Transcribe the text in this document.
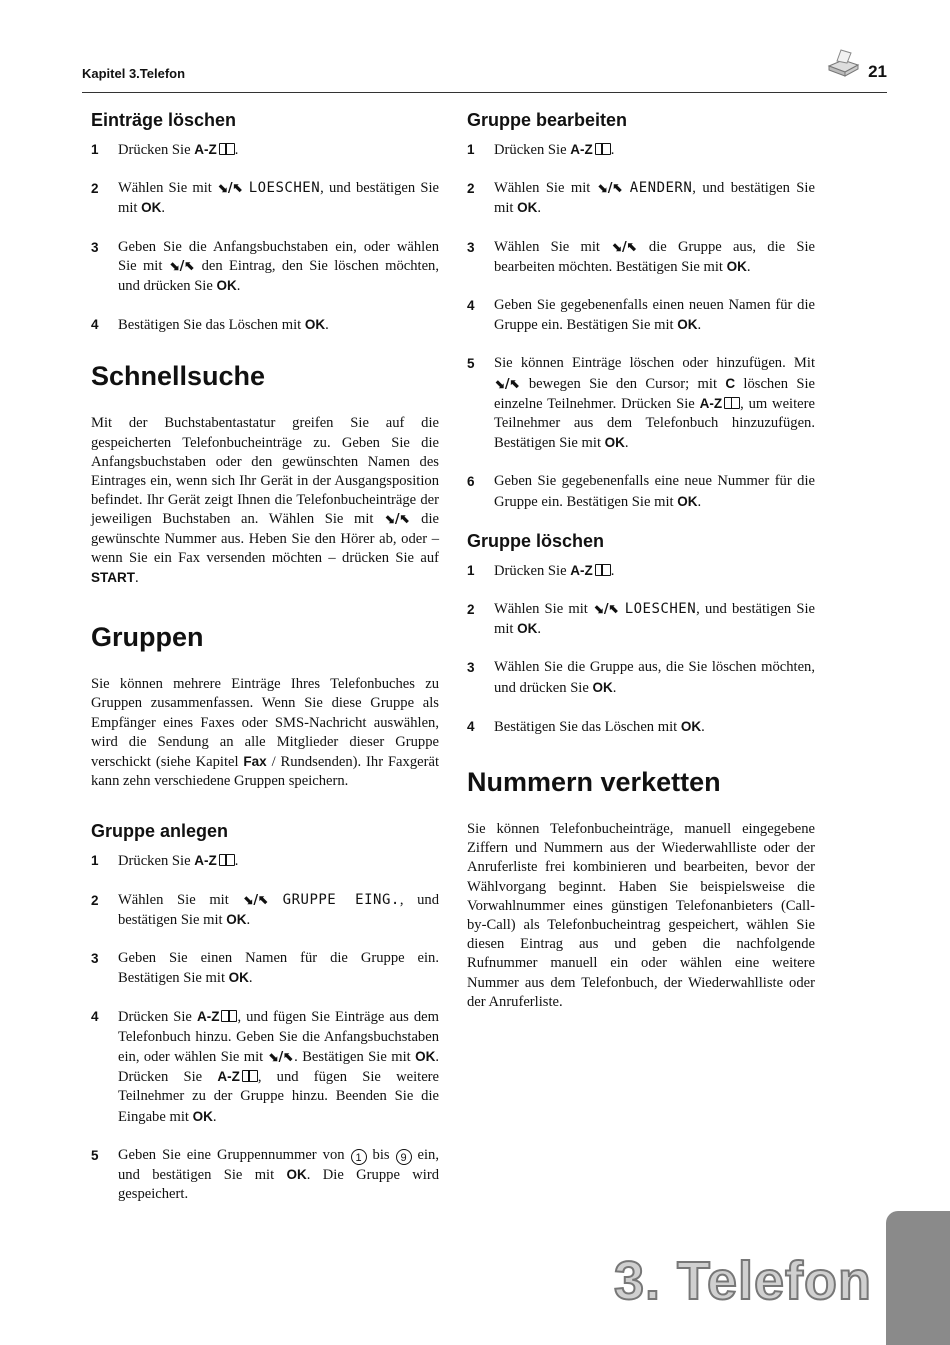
Kapitel 3.Telefon	21
Einträge löschen
1 Drücken Sie A-Z .
2 Wählen Sie mit ⬊/⬉ LOESCHEN, und bestätigen Sie mit OK.
3 Geben Sie die Anfangsbuchstaben ein, oder wählen Sie mit ⬊/⬉ den Eintrag, den Sie löschen möchten, und drücken Sie OK.
4 Bestätigen Sie das Löschen mit OK.
Schnellsuche

Mit der Buchstabentastatur greifen Sie auf die gespeicherten Telefonbucheinträge zu. Geben Sie die Anfangsbuchstaben oder den gewünschten Namen des Eintrages ein, wenn sich Ihr Gerät in der Ausgangsposition befindet. Ihr Gerät zeigt Ihnen die Telefonbucheinträge der jeweiligen Buchstaben an. Wählen Sie mit ⬊/⬉ die gewünschte Nummer aus. Heben Sie den Hörer ab, oder – wenn Sie ein Fax versenden möchten – drücken Sie auf START.

Gruppen

Sie können mehrere Einträge Ihres Telefonbuches zu Gruppen zusammenfassen. Wenn Sie diese Gruppe als Empfänger eines Faxes oder SMS-Nachricht auswählen, wird die Sendung an alle Mitglieder dieser Gruppe verschickt (siehe Kapitel Fax / Rundsenden). Ihr Faxgerät kann zehn verschiedene Gruppen speichern.

Gruppe anlegen
1 Drücken Sie A-Z .
2 Wählen Sie mit ⬊/⬉ GRUPPE EING., und bestätigen Sie mit OK.
3 Geben Sie einen Namen für die Gruppe ein. Bestätigen Sie mit OK.
4 Drücken Sie A-Z , und fügen Sie Einträge aus dem Telefonbuch hinzu. Geben Sie die Anfangsbuchstaben ein, oder wählen Sie mit ⬊/⬉. Bestätigen Sie mit OK. Drücken Sie A-Z , und fügen Sie weitere Teilnehmer zu der Gruppe hinzu. Beenden Sie die Eingabe mit OK.
5 Geben Sie eine Gruppennummer von 1 bis 9 ein, und bestätigen Sie mit OK. Die Gruppe wird gespeichert.
Gruppe bearbeiten
1 Drücken Sie A-Z .
2 Wählen Sie mit ⬊/⬉ AENDERN, und bestätigen Sie mit OK.
3 Wählen Sie mit ⬊/⬉ die Gruppe aus, die Sie bearbeiten möchten. Bestätigen Sie mit OK.
4 Geben Sie gegebenenfalls einen neuen Namen für die Gruppe ein. Bestätigen Sie mit OK.
5 Sie können Einträge löschen oder hinzufügen. Mit ⬊/⬉ bewegen Sie den Cursor; mit C löschen Sie einzelne Teilnehmer. Drücken Sie A-Z , um weitere Teilnehmer aus dem Telefonbuch hinzuzufügen. Bestätigen Sie mit OK.
6 Geben Sie gegebenenfalls eine neue Nummer für die Gruppe ein. Bestätigen Sie mit OK.
Gruppe löschen
1 Drücken Sie A-Z .
2 Wählen Sie mit ⬊/⬉ LOESCHEN, und bestätigen Sie mit OK.
3 Wählen Sie die Gruppe aus, die Sie löschen möchten, und drücken Sie OK.
4 Bestätigen Sie das Löschen mit OK.
Nummern verketten

Sie können Telefonbucheinträge, manuell eingegebene Ziffern und Nummern aus der Wiederwahlliste oder der Anruferliste frei kombinieren und bearbeiten, bevor der Wählvorgang beginnt. Haben Sie beispielsweise die Vorwahlnummer eines günstigen Telefonanbieters (Call-by-Call) als Telefonbucheintrag gespeichert, wählen Sie diesen Eintrag aus und geben die nachfolgende Rufnummer manuell ein oder wählen eine weitere Nummer aus dem Telefonbuch, der Wiederwahlliste oder der Anruferliste.

3. Telefon
